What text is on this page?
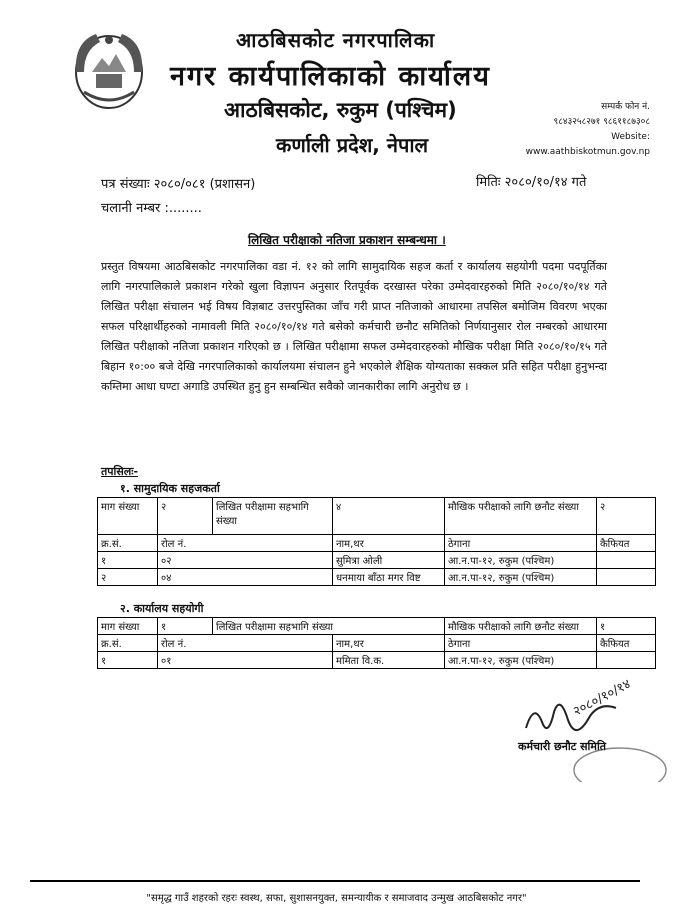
आठबिसकोट नगरपालिका
नगर कार्यपालिकाको कार्यालय
आठबिसकोट, रुकुम (पश्चिम)
कर्णाली प्रदेश, नेपाल
सम्पर्क फोन नं.
९८४३२५८२७१ ९८६११८७३०८
Website:
www.aathbiskotmun.gov.np
पत्र संख्याः २०८०/०८१ (प्रशासन)	मितिः २०८०/१०/१४ गते
चलानी नम्बर :........
लिखित परीक्षाको नतिजा प्रकाशन सम्बन्धमा ।
प्रस्तुत विषयमा आठबिसकोट नगरपालिका वडा नं. १२ को लागि सामुदायिक सहज कर्ता र कार्यालय सहयोगी पदमा पदपूर्तिका लागि नगरपालिकाले प्रकाशन गरेको खुला विज्ञापन अनुसार रितपूर्वक दरखास्त परेका उम्मेदवारहरुको मिति २०८०/१०/१४ गते लिखित परीक्षा संचालन भई विषय विज्ञबाट उत्तरपुस्तिका जाँच गरी प्राप्त नतिजाको आधारमा तपसिल बमोजिम विवरण भएका सफल परिक्षार्थीहरुको नामावली मिति २०८०/१०/१४ गते बसेको कर्मचारी छनौट समितिको निर्णयानुसार रोल नम्बरको आधारमा लिखित परीक्षाको नतिजा प्रकाशन गरिएको छ । लिखित परीक्षामा सफल उम्मेदवारहरुको मौखिक परीक्षा मिति २०८०/१०/१५ गते बिहान १०:०० बजे देखि नगरपालिकाको कार्यालयमा संचालन हुने भएकोले शैक्षिक योग्यताका सक्कल प्रति सहित परीक्षा हुनुभन्दा कम्तिमा आधा घण्टा अगाडि उपस्थित हुनु हुन सम्बन्धित सवैको जानकारीका लागि अनुरोध छ ।
तपसिलः-
१. सामुदायिक सहजकर्ता
माग संख्या	२	लिखित परीक्षामा सहभागि संख्या	४	मौखिक परीक्षाको लागि छनौट संख्या	२
क्र.सं.	रोल नं.		नाम,थर	ठेगाना	कैफियत
१	०२		सुमित्रा ओली	आ.न.पा-१२, रुकुम (पश्चिम)	
२	०४		धनमाया बाँठा मगर विष्ट	आ.न.पा-१२, रुकुम (पश्चिम)	
२. कार्यालय सहयोगी
माग संख्या	१	लिखित परीक्षामा सहभागि संख्या		मौखिक परीक्षाको लागि छनौट संख्या	१
क्र.सं.	रोल नं.		नाम,थर	ठेगाना	कैफियत
१	०१		ममिता वि.क.	आ.न.पा-१२, रुकुम (पश्चिम)	
२०८०/१०/१४
कर्मचारी छनौट समिति
"समृद्ध गाउँ शहरको रहरः स्वस्थ, सफा, सुशासनयुक्त, समन्यायीक र समाजवाद उन्मुख आठबिसकोट नगर"
